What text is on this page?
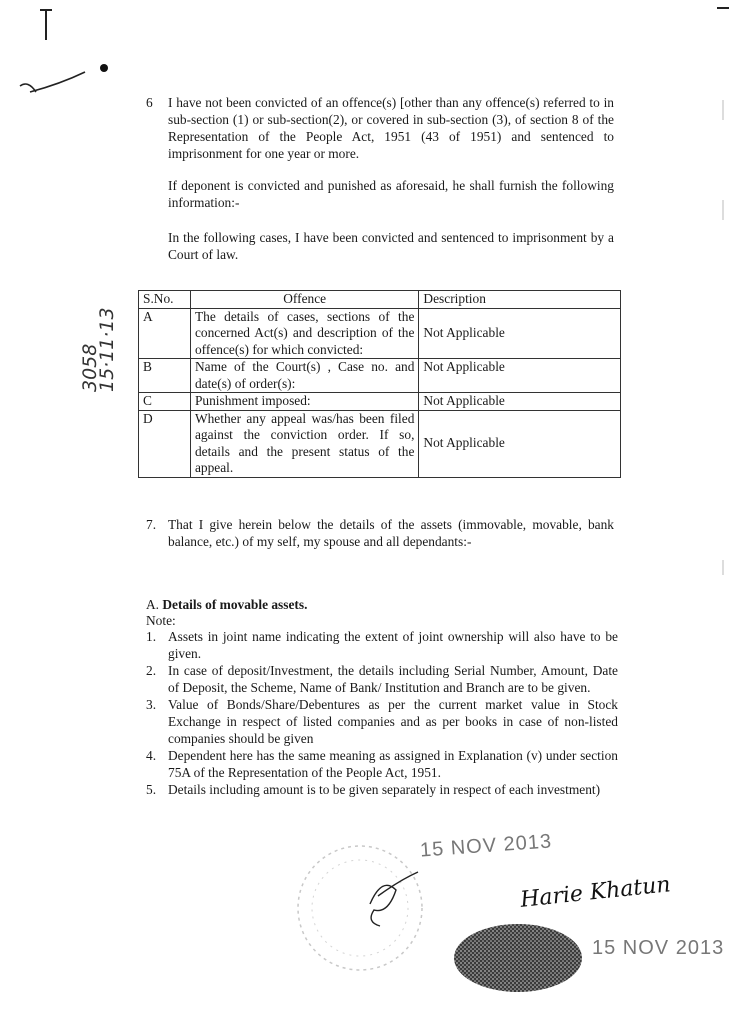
6 I have not been convicted of an offence(s) [other than any offence(s) referred to in sub-section (1) or sub-section(2), or covered in sub-section (3), of section 8 of the Representation of the People Act, 1951 (43 of 1951) and sentenced to imprisonment for one year or more.
If deponent is convicted and punished as aforesaid, he shall furnish the following information:-
In the following cases, I have been convicted and sentenced to imprisonment by a Court of law.
S.No.	Offence	Description
A	The details of cases, sections of the concerned Act(s) and description of the offence(s) for which convicted:	Not Applicable
B	Name of the Court(s) , Case no. and date(s) of order(s):	Not Applicable
C	Punishment imposed:	Not Applicable
D	Whether any appeal was/has been filed against the conviction order. If so, details and the present status of the appeal.	Not Applicable
3058 15·11·13
7. That I give herein below the details of the assets (immovable, movable, bank balance, etc.) of my self, my spouse and all dependants:-
A. Details of movable assets.
Note:
1. Assets in joint name indicating the extent of joint ownership will also have to be given.
2. In case of deposit/Investment, the details including Serial Number, Amount, Date of Deposit, the Scheme, Name of Bank/ Institution and Branch are to be given.
3. Value of Bonds/Share/Debentures as per the current market value in Stock Exchange in respect of listed companies and as per books in case of non-listed companies should be given
4. Dependent here has the same meaning as assigned in Explanation (v) under section 75A of the Representation of the People Act, 1951.
5. Details including amount is to be given separately in respect of each investment)
15 NOV 2013
Harie Khatun
15 NOV 2013
